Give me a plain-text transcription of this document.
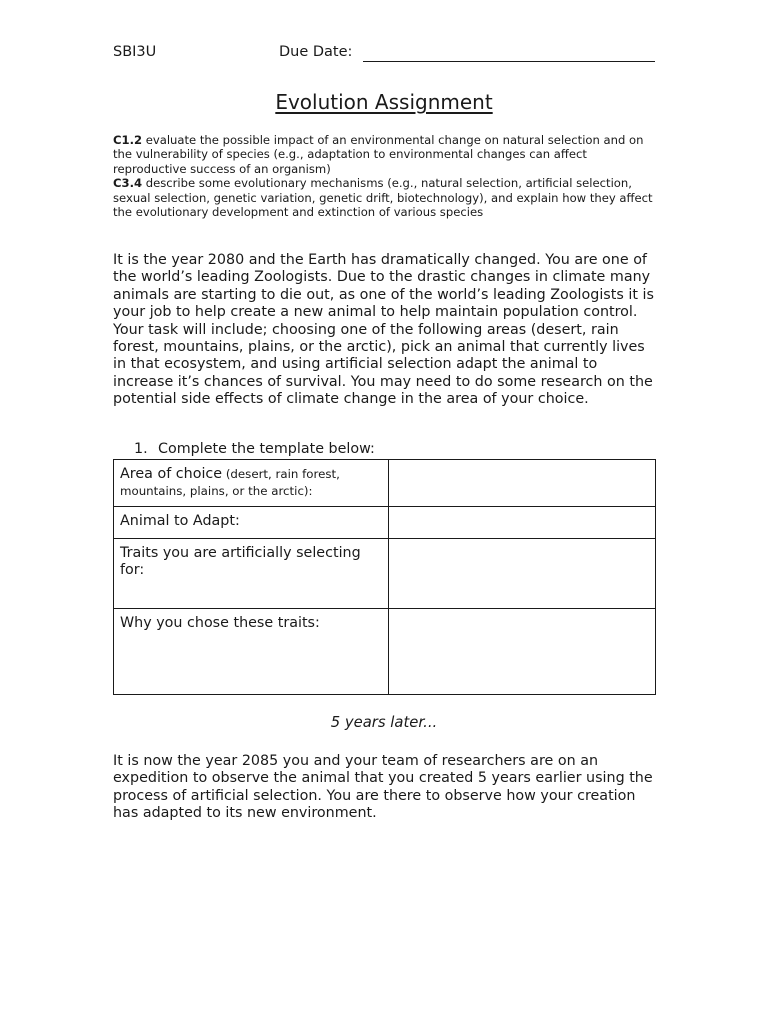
SBI3U	Due Date:
Evolution Assignment

C1.2 evaluate the possible impact of an environmental change on natural selection and on the vulnerability of species (e.g., adaptation to environmental changes can affect reproductive success of an organism)

C3.4 describe some evolutionary mechanisms (e.g., natural selection, artificial selection, sexual selection, genetic variation, genetic drift, biotechnology), and explain how they affect the evolutionary development and extinction of various species

It is the year 2080 and the Earth has dramatically changed. You are one of the world’s leading Zoologists. Due to the drastic changes in climate many animals are starting to die out, as one of the world’s leading Zoologists it is your job to help create a new animal to help maintain population control. Your task will include; choosing one of the following areas (desert, rain forest, mountains, plains, or the arctic), pick an animal that currently lives in that ecosystem, and using artificial selection adapt the animal to increase it’s chances of survival. You may need to do some research on the potential side effects of climate change in the area of your choice.

1. Complete the template below:

Area of choice (desert, rain forest, mountains, plains, or the arctic):	
Animal to Adapt:	
Traits you are artificially selecting for:	
Why you chose these traits:	

5 years later...

It is now the year 2085 you and your team of researchers are on an expedition to observe the animal that you created 5 years earlier using the process of artificial selection. You are there to observe how your creation has adapted to its new environment.
